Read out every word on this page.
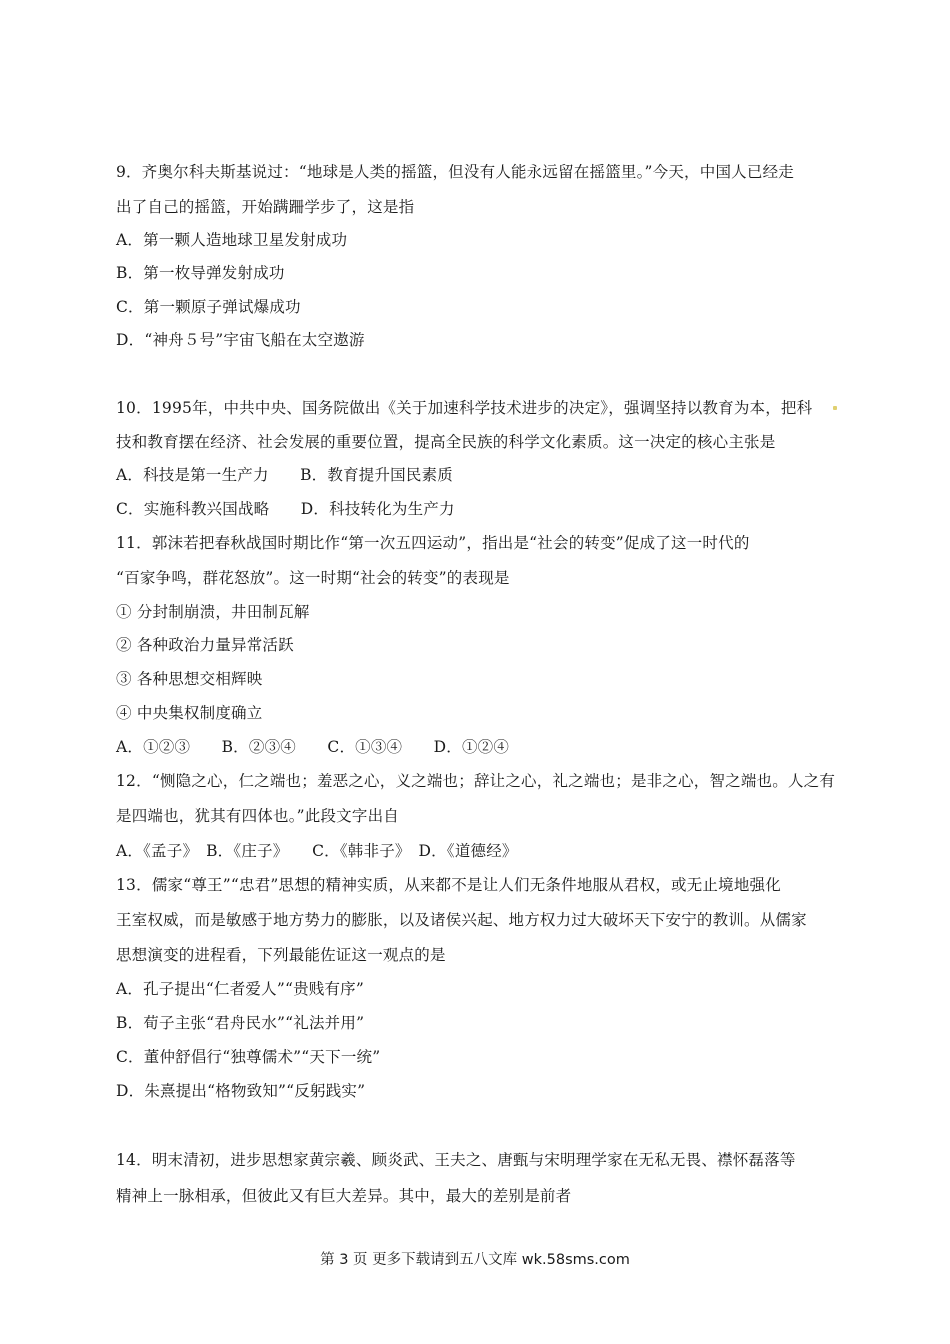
9．齐奥尔科夫斯基说过：“地球是人类的摇篮，但没有人能永远留在摇篮里。”今天，中国人已经走
出了自己的摇篮，开始蹒跚学步了，这是指
A．第一颗人造地球卫星发射成功
B．第一枚导弹发射成功
C．第一颗原子弹试爆成功
D．“神舟５号”宇宙飞船在太空遨游
10．1995年，中共中央、国务院做出《关于加速科学技术进步的决定》，强调坚持以教育为本，把科
技和教育摆在经济、社会发展的重要位置，提高全民族的科学文化素质。这一决定的核心主张是
A．科技是第一生产力　　B．教育提升国民素质
C．实施科教兴国战略　　D．科技转化为生产力
11．郭沫若把春秋战国时期比作“第一次五四运动”，指出是“社会的转变”促成了这一时代的
“百家争鸣，群花怒放”。这一时期“社会的转变”的表现是
① 分封制崩溃，井田制瓦解
② 各种政治力量异常活跃
③ 各种思想交相辉映
④ 中央集权制度确立
A．①②③　　B．②③④　　C．①③④　　D．①②④
12．“恻隐之心，仁之端也；羞恶之心，义之端也；辞让之心，礼之端也；是非之心，智之端也。人之有
是四端也，犹其有四体也。”此段文字出自
A．《孟子》　B．《庄子》　　C．《韩非子》　D．《道德经》
13．儒家“尊王”“忠君”思想的精神实质，从来都不是让人们无条件地服从君权，或无止境地强化
王室权威，而是敏感于地方势力的膨胀，以及诸侯兴起、地方权力过大破坏天下安宁的教训。从儒家
思想演变的进程看，下列最能佐证这一观点的是
A．孔子提出“仁者爱人”“贵贱有序”
B．荀子主张“君舟民水”“礼法并用”
C．董仲舒倡行“独尊儒术”“天下一统”
D．朱熹提出“格物致知”“反躬践实”
14．明末清初，进步思想家黄宗羲、顾炎武、王夫之、唐甄与宋明理学家在无私无畏、襟怀磊落等
精神上一脉相承，但彼此又有巨大差异。其中，最大的差别是前者
第 3 页 更多下载请到五八文库 wk.58sms.com
